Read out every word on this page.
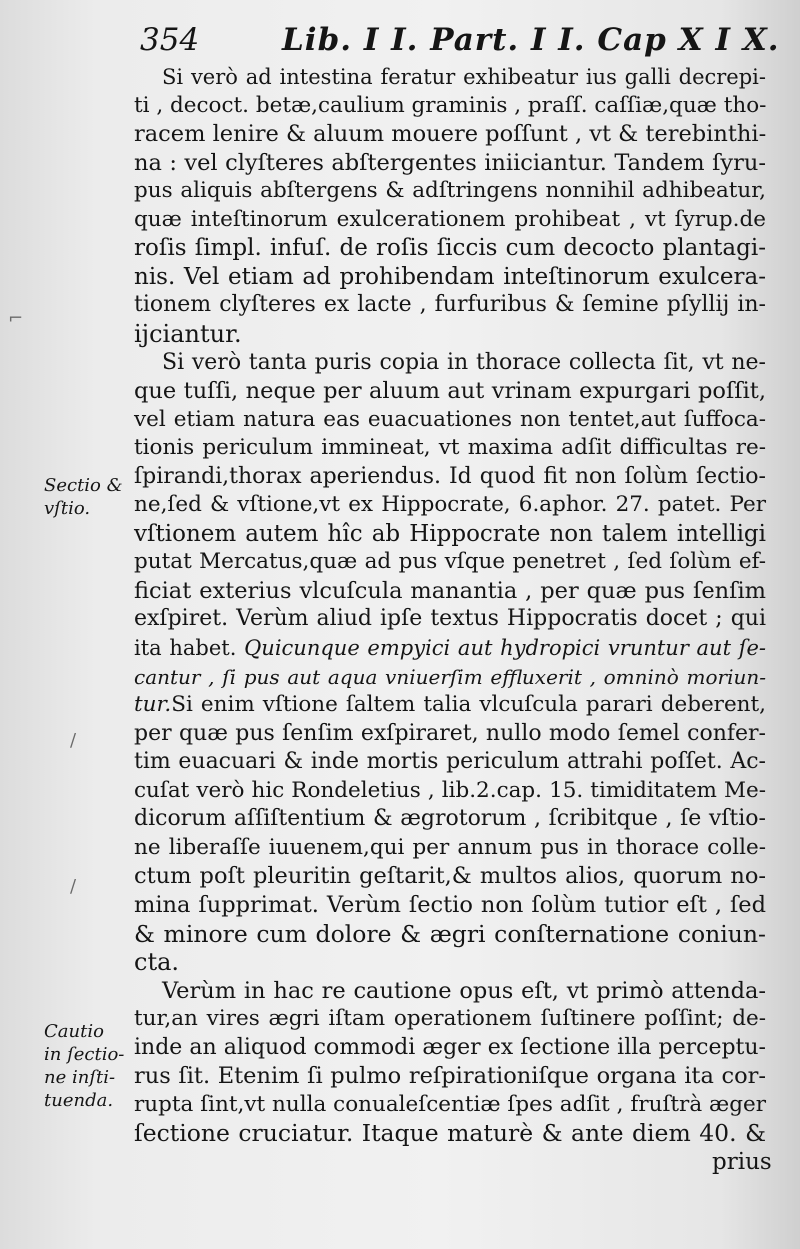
354	Lib. I I. Part. I I. Cap X I X.
Si verò ad intestina feratur exhibeatur ius galli decrepi-
ti , decoct. betæ,caulium graminis , praſſ. caſſiæ,quæ tho-
racem lenire & aluum mouere poſſunt , vt & terebinthi-
na : vel clyſteres abſtergentes iniiciantur. Tandem ſyru-
pus aliquis abſtergens & adſtringens nonnihil adhibeatur,
quæ inteſtinorum exulcerationem prohibeat , vt ſyrup.de
roſis ſimpl. infuſ. de roſis ſiccis cum decocto plantagi-
nis. Vel etiam ad prohibendam inteſtinorum exulcera-
tionem clyſteres ex lacte , furfuribus & ſemine pſyllij in-
ijciantur.
Si verò tanta puris copia in thorace collecta ſit, vt ne-
que tuſſi, neque per aluum aut vrinam expurgari poſſit,
vel etiam natura eas euacuationes non tentet,aut ſuffoca-
tionis periculum immineat, vt maxima adſit difficultas re-
ſpirandi,thorax aperiendus. Id quod fit non ſolùm ſectio-
ne,ſed & vſtione,vt ex Hippocrate, 6.aphor. 27. patet. Per
vſtionem autem hîc ab Hippocrate non talem intelligi
putat Mercatus,quæ ad pus vſque penetret , ſed ſolùm ef-
ficiat exterius vlcuſcula manantia , per quæ pus ſenſim
exſpiret. Verùm aliud ipſe textus Hippocratis docet ; qui
ita habet. Quicunque empyici aut hydropici vruntur aut ſe-
cantur , ſi pus aut aqua vniuerſim effluxerit , omninò moriun-
tur.Si enim vſtione ſaltem talia vlcuſcula parari deberent,
per quæ pus ſenſim exſpiraret, nullo modo ſemel confer-
tim euacuari & inde mortis periculum attrahi poſſet. Ac-
cuſat verò hic Rondeletius , lib.2.cap. 15. timiditatem Me-
dicorum aſſiſtentium & ægrotorum , ſcribitque , ſe vſtio-
ne liberaſſe iuuenem,qui per annum pus in thorace colle-
ctum poſt pleuritin geſtarit,& multos alios, quorum no-
mina ſupprimat. Verùm ſectio non ſolùm tutior eſt , ſed
& minore cum dolore & ægri conſternatione coniun-
cta.
Verùm in hac re cautione opus eſt, vt primò attenda-
tur,an vires ægri iſtam operationem ſuſtinere poſſint; de-
inde an aliquod commodi æger ex ſectione illa perceptu-
rus ſit. Etenim ſi pulmo reſpirationiſque organa ita cor-
rupta ſint,vt nulla conualeſcentiæ ſpes adſit , fruſtrà æger
ſectione cruciatur. Itaque maturè & ante diem 40. &
prius
Sectio &
vſtio.
Cautio
in ſectio-
ne inſti-
tuenda.
⌐
/
/
